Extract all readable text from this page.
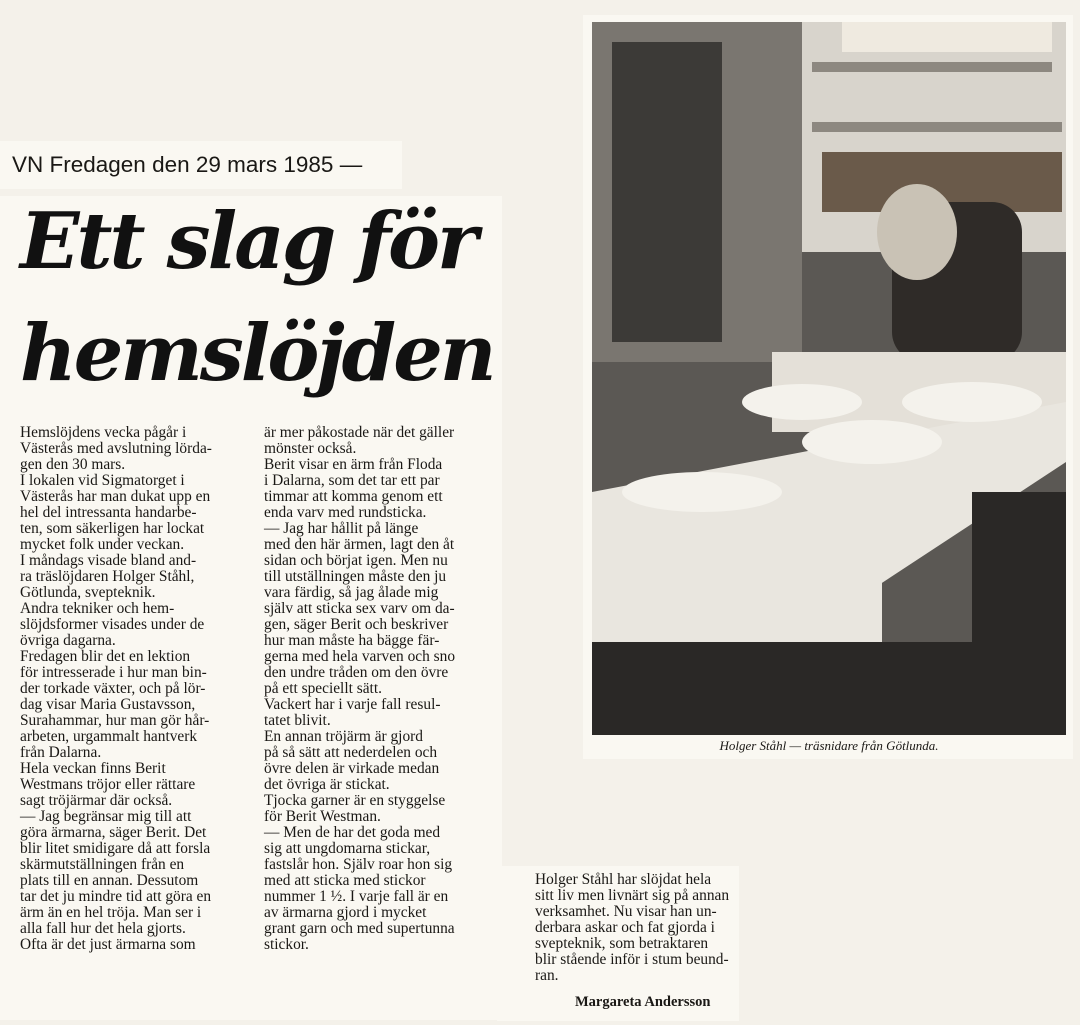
VN Fredagen den 29 mars 1985 —
Ett slag för
hemslöjden
Hemslöjdens vecka pågår i
Västerås med avslutning lörda-
gen den 30 mars.
I lokalen vid Sigmatorget i
Västerås har man dukat upp en
hel del intressanta handarbe-
ten, som säkerligen har lockat
mycket folk under veckan.
I måndags visade bland and-
ra träslöjdaren Holger Ståhl,
Götlunda, svepteknik.
Andra tekniker och hem-
slöjdsformer visades under de
övriga dagarna.
Fredagen blir det en lektion
för intresserade i hur man bin-
der torkade växter, och på lör-
dag visar Maria Gustavsson,
Surahammar, hur man gör hår-
arbeten, urgammalt hantverk
från Dalarna.
Hela veckan finns Berit
Westmans tröjor eller rättare
sagt tröjärmar där också.
— Jag begränsar mig till att
göra ärmarna, säger Berit. Det
blir litet smidigare då att forsla
skärmutställningen från en
plats till en annan. Dessutom
tar det ju mindre tid att göra en
ärm än en hel tröja. Man ser i
alla fall hur det hela gjorts.
Ofta är det just ärmarna som
är mer påkostade när det gäller
mönster också.
Berit visar en ärm från Floda
i Dalarna, som det tar ett par
timmar att komma genom ett
enda varv med rundsticka.
— Jag har hållit på länge
med den här ärmen, lagt den åt
sidan och börjat igen. Men nu
till utställningen måste den ju
vara färdig, så jag ålade mig
själv att sticka sex varv om da-
gen, säger Berit och beskriver
hur man måste ha bägge fär-
gerna med hela varven och sno
den undre tråden om den övre
på ett speciellt sätt.
Vackert har i varje fall resul-
tatet blivit.
En annan tröjärm är gjord
på så sätt att nederdelen och
övre delen är virkade medan
det övriga är stickat.
Tjocka garner är en styggelse
för Berit Westman.
— Men de har det goda med
sig att ungdomarna stickar,
fastslår hon. Själv roar hon sig
med att sticka med stickor
nummer 1 ½. I varje fall är en
av ärmarna gjord i mycket
grant garn och med supertunna
stickor.
Holger Ståhl — träsnidare från Götlunda.
Holger Ståhl har slöjdat hela
sitt liv men livnärt sig på annan
verksamhet. Nu visar han un-
derbara askar och fat gjorda i
svepteknik, som betraktaren
blir stående inför i stum beund-
ran.
Margareta Andersson
